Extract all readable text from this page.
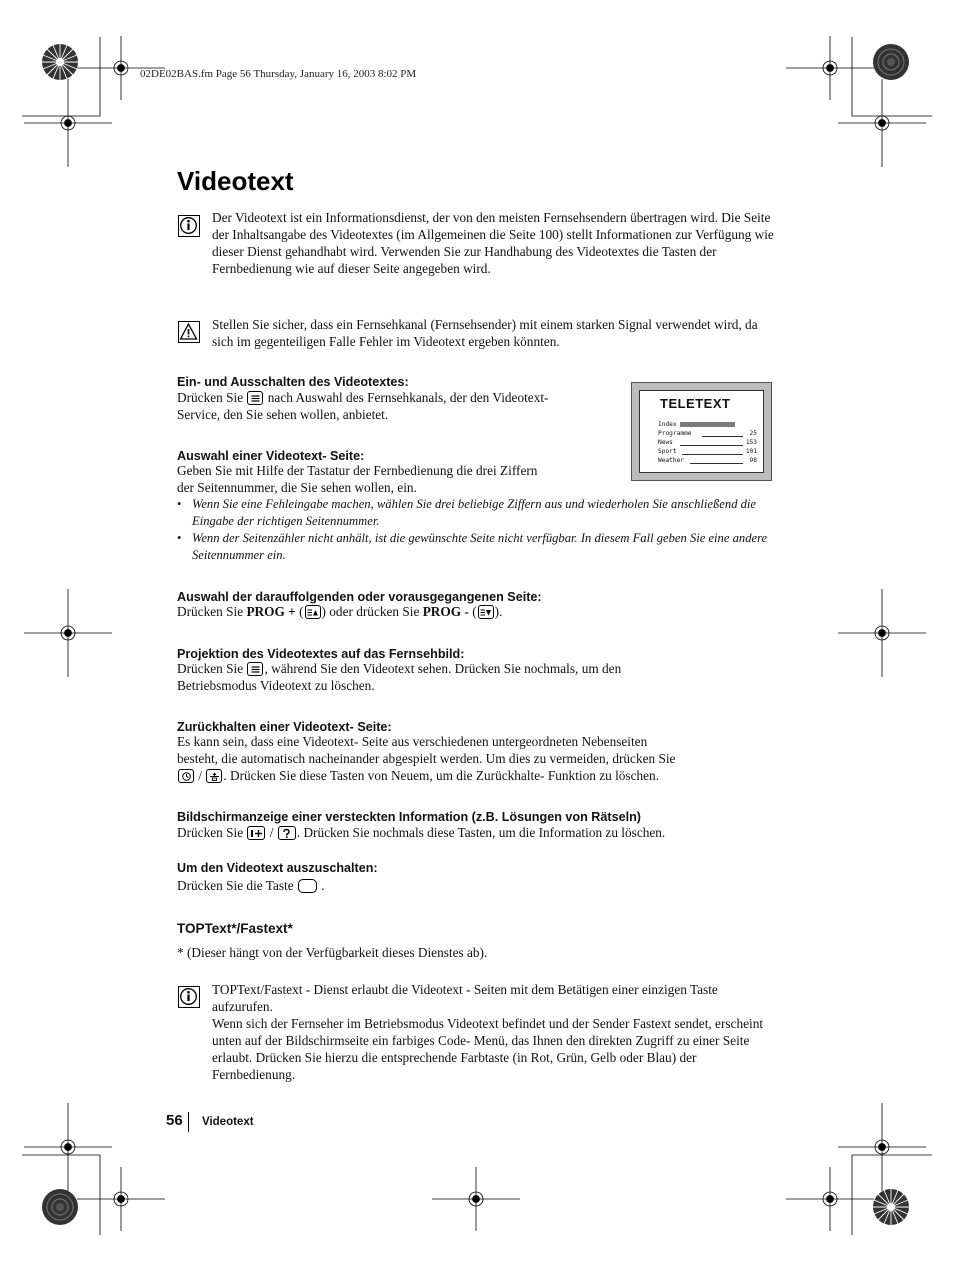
02DE02BAS.fm Page 56 Thursday, January 16, 2003 8:02 PM
Videotext
Der Videotext ist ein Informationsdienst, der von den meisten Fernsehsendern übertragen wird. Die Seite der Inhaltsangabe des Videotextes (im Allgemeinen die Seite 100) stellt Informationen zur Verfügung wie dieser Dienst gehandhabt wird. Verwenden Sie zur Handhabung des Videotextes die Tasten der Fernbedienung wie auf dieser Seite angegeben wird.
Stellen Sie sicher, dass ein Fernsehkanal (Fernsehsender) mit einem starken Signal verwendet wird, da sich im gegenteiligen Falle Fehler im Videotext ergeben könnten.
Ein- und Ausschalten des Videotextes:
Drücken Sie nach Auswahl des Fernsehkanals, der den Videotext-
Service, den Sie sehen wollen, anbietet.
TELETEXT
Index
Programme	25
News	153
Sport	101
Weather	98
Auswahl einer Videotext- Seite:
Geben Sie mit Hilfe der Tastatur der Fernbedienung die drei Ziffern
der Seitennummer, die Sie sehen wollen, ein.
• Wenn Sie eine Fehleingabe machen, wählen Sie drei beliebige Ziffern aus und wiederholen Sie anschließend die Eingabe der richtigen Seitennummer.
• Wenn der Seitenzähler nicht anhält, ist die gewünschte Seite nicht verfügbar. In diesem Fall geben Sie eine andere Seitennummer ein.
Auswahl der darauffolgenden oder vorausgegangenen Seite:
Drücken Sie PROG + ( ) oder drücken Sie PROG - ( ).
Projektion des Videotextes auf das Fernsehbild:
Drücken Sie , während Sie den Videotext sehen. Drücken Sie nochmals, um den
Betriebsmodus Videotext zu löschen.
Zurückhalten einer Videotext- Seite:
Es kann sein, dass eine Videotext- Seite aus verschiedenen untergeordneten Nebenseiten
besteht, die automatisch nacheinander abgespielt werden. Um dies zu vermeiden, drücken Sie

/ . Drücken Sie diese Tasten von Neuem, um die Zurückhalte- Funktion zu löschen.
Bildschirmanzeige einer versteckten Information (z.B. Lösungen von Rätseln)
Drücken Sie / . Drücken Sie nochmals diese Tasten, um die Information zu löschen.
Um den Videotext auszuschalten:
Drücken Sie die Taste .
TOPText*/Fastext*
* (Dieser hängt von der Verfügbarkeit dieses Dienstes ab).
TOPText/Fastext - Dienst erlaubt die Videotext - Seiten mit dem Betätigen einer einzigen Taste aufzurufen.
Wenn sich der Fernseher im Betriebsmodus Videotext befindet und der Sender Fastext sendet, erscheint unten auf der Bildschirmseite ein farbiges Code- Menü, das Ihnen den direkten Zugriff zu einer Seite erlaubt. Drücken Sie hierzu die entsprechende Farbtaste (in Rot, Grün, Gelb oder Blau) der Fernbedienung.
56 Videotext
